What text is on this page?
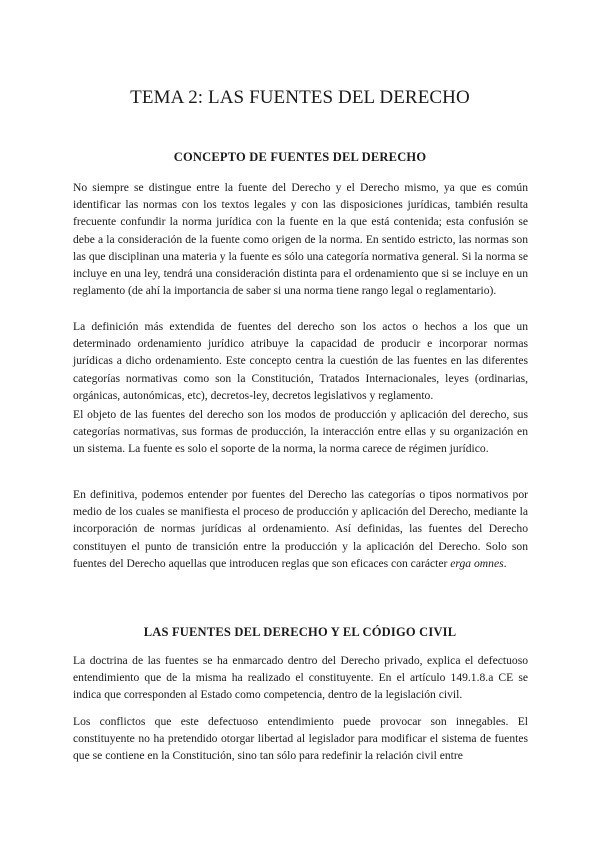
TEMA 2: LAS FUENTES DEL DERECHO
CONCEPTO DE FUENTES DEL DERECHO

No siempre se distingue entre la fuente del Derecho y el Derecho mismo, ya que es común identificar las normas con los textos legales y con las disposiciones jurídicas, también resulta frecuente confundir la norma jurídica con la fuente en la que está contenida; esta confusión se debe a la consideración de la fuente como origen de la norma. En sentido estricto, las normas son las que disciplinan una materia y la fuente es sólo una categoría normativa general. Si la norma se incluye en una ley, tendrá una consideración distinta para el ordenamiento que si se incluye en un reglamento (de ahí la importancia de saber si una norma tiene rango legal o reglamentario).

La definición más extendida de fuentes del derecho son los actos o hechos a los que un determinado ordenamiento jurídico atribuye la capacidad de producir e incorporar normas jurídicas a dicho ordenamiento. Este concepto centra la cuestión de las fuentes en las diferentes categorías normativas como son la Constitución, Tratados Internacionales, leyes (ordinarias, orgánicas, autonómicas, etc), decretos-ley, decretos legislativos y reglamento.

El objeto de las fuentes del derecho son los modos de producción y aplicación del derecho, sus categorías normativas, sus formas de producción, la interacción entre ellas y su organización en un sistema. La fuente es solo el soporte de la norma, la norma carece de régimen jurídico.

En definitiva, podemos entender por fuentes del Derecho las categorías o tipos normativos por medio de los cuales se manifiesta el proceso de producción y aplicación del Derecho, mediante la incorporación de normas jurídicas al ordenamiento. Así definidas, las fuentes del Derecho constituyen el punto de transición entre la producción y la aplicación del Derecho. Solo son fuentes del Derecho aquellas que introducen reglas que son eficaces con carácter erga omnes.

LAS FUENTES DEL DERECHO Y EL CÓDIGO CIVIL

La doctrina de las fuentes se ha enmarcado dentro del Derecho privado, explica el defectuoso entendimiento que de la misma ha realizado el constituyente. En el artículo 149.1.8.a CE se indica que corresponden al Estado como competencia, dentro de la legislación civil.

Los conflictos que este defectuoso entendimiento puede provocar son innegables. El constituyente no ha pretendido otorgar libertad al legislador para modificar el sistema de fuentes que se contiene en la Constitución, sino tan sólo para redefinir la relación civil entre
